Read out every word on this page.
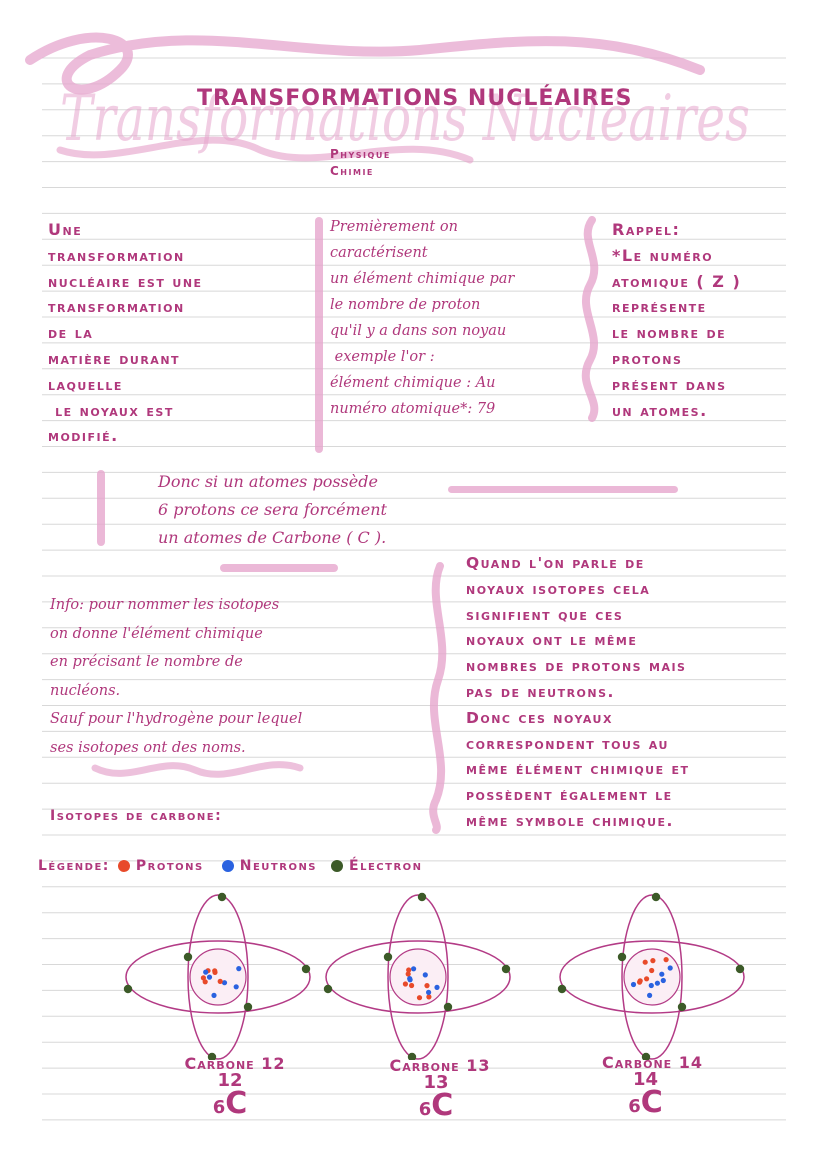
Transformations Nucléaires
TRANSFORMATIONS NUCLÉAIRES
Physique
Chimie

Une

transformation

nucléaire est une

transformation

de la

matière durant

laquelle

le noyaux est

modifié.

Premièrement on

caractérisent

un élément chimique par

le nombre de proton

qu'il y a dans son noyau

exemple l'or :

élément chimique : Au

numéro atomique*: 79

Rappel:

*Le numéro

atomique ( Z )

représente

le nombre de

protons

présent dans

un atomes.

Donc si un atomes possède

6 protons ce sera forcément

un atomes de Carbone ( C ).

Info: pour nommer les isotopes

on donne l'élément chimique

en précisant le nombre de

nucléons.

Sauf pour l'hydrogène pour lequel

ses isotopes ont des noms.

Quand l'on parle de

noyaux isotopes cela

signifient que ces

noyaux ont le même

nombres de protons mais

pas de neutrons.

Donc ces noyaux

correspondent tous au

même élément chimique et

possèdent également le

même symbole chimique.

Isotopes de carbone:
Légende: Protons	Neutrons Électron
Carbone 12
12
6C
Carbone 13
13
6C
Carbone 14
14
6C
